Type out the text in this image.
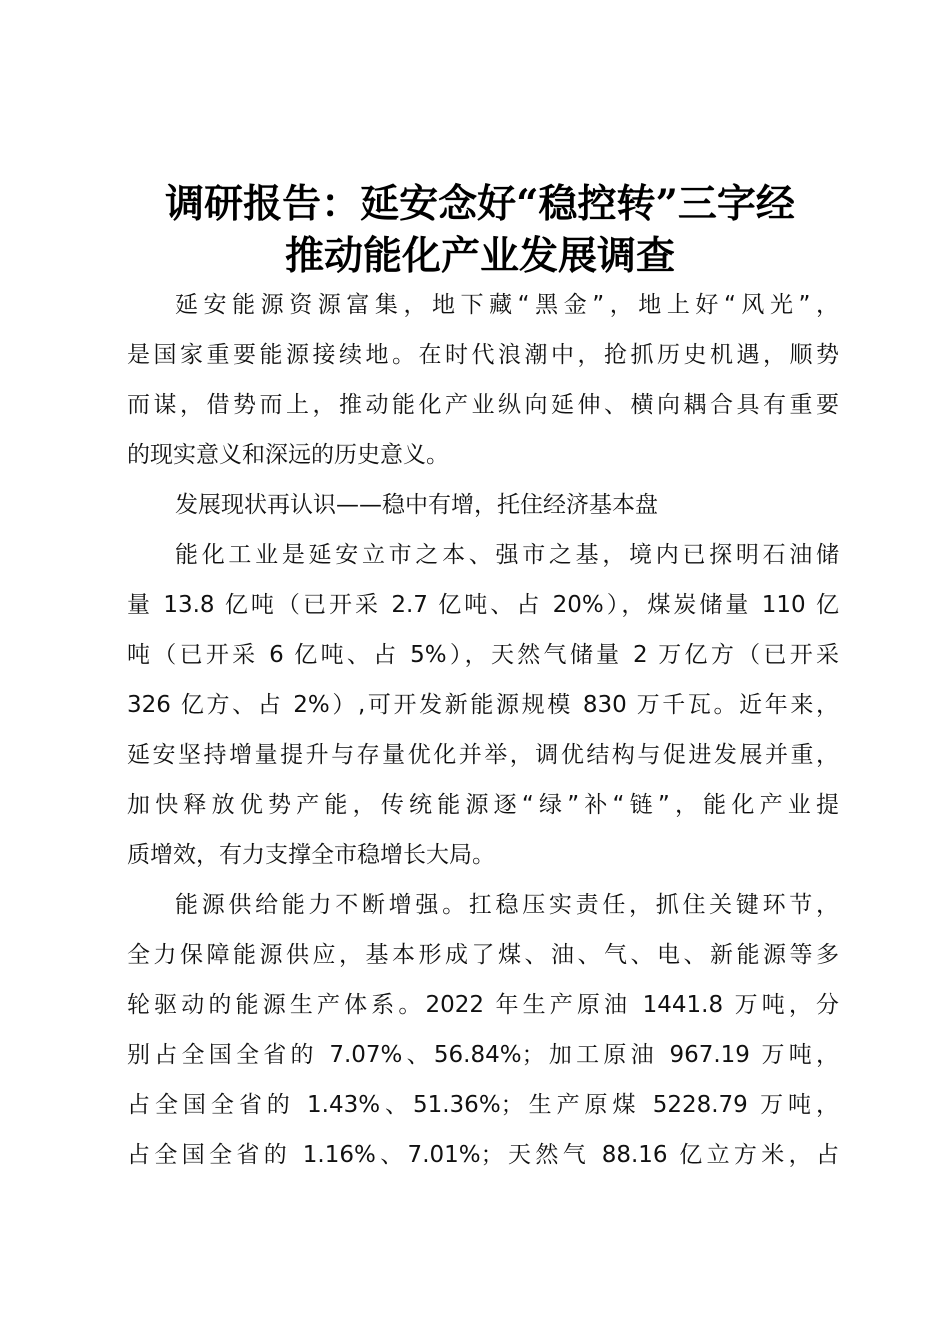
调研报告：延安念好“稳控转”三字经
推动能化产业发展调查
延安能源资源富集，地下藏“黑金”，地上好“风光”，
是国家重要能源接续地。在时代浪潮中，抢抓历史机遇，顺势
而谋，借势而上，推动能化产业纵向延伸、横向耦合具有重要
的现实意义和深远的历史意义。
发展现状再认识——稳中有增，托住经济基本盘
能化工业是延安立市之本、强市之基，境内已探明石油储
量 13.8 亿吨（已开采 2.7 亿吨、占 20%），煤炭储量 110 亿
吨（已开采 6 亿吨、占 5%），天然气储量 2 万亿方（已开采
326 亿方、占 2%）,可开发新能源规模 830 万千瓦。近年来，
延安坚持增量提升与存量优化并举，调优结构与促进发展并重，
加快释放优势产能，传统能源逐“绿”补“链”，能化产业提
质增效，有力支撑全市稳增长大局。
能源供给能力不断增强。扛稳压实责任，抓住关键环节，
全力保障能源供应，基本形成了煤、油、气、电、新能源等多
轮驱动的能源生产体系。2022 年生产原油 1441.8 万吨，分
别占全国全省的 7.07%、56.84%；加工原油 967.19 万吨，
占全国全省的 1.43%、51.36%；生产原煤 5228.79 万吨，
占全国全省的 1.16%、7.01%；天然气 88.16 亿立方米，占
